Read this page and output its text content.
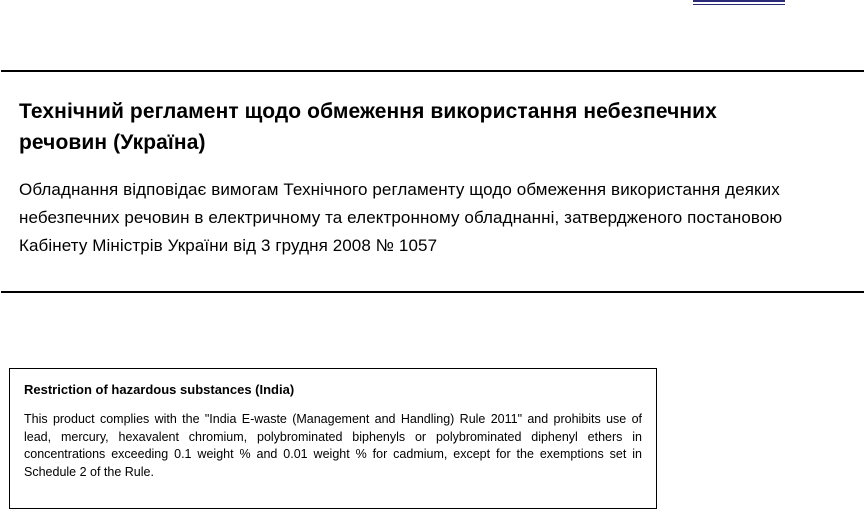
Технічний регламент щодо обмеження використання небезпечних речовин (Україна)

Обладнання відповідає вимогам Технічного регламенту щодо обмеження використання деяких небезпечних речовин в електричному та електронному обладнанні, затвердженого постановою Кабінету Міністрів України від 3 грудня 2008 № 1057

Restriction of hazardous substances (India)

This product complies with the "India E-waste (Management and Handling) Rule 2011" and prohibits use of lead, mercury, hexavalent chromium, polybrominated biphenyls or polybrominated diphenyl ethers in concentrations exceeding 0.1 weight % and 0.01 weight % for cadmium, except for the exemptions set in Schedule 2 of the Rule.
